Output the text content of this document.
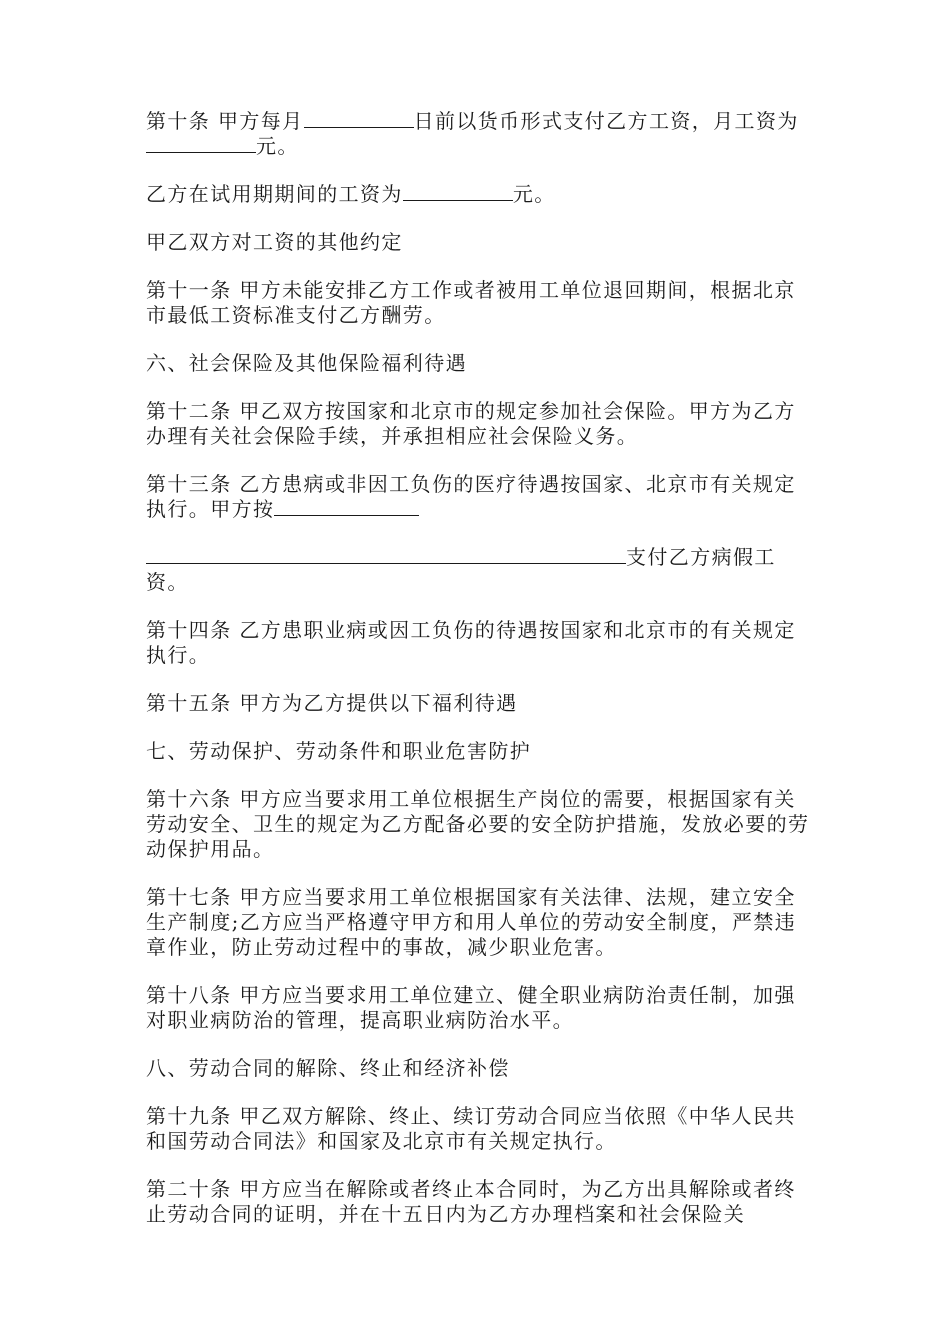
第十条 甲方每月	日前以货币形式支付乙方工资，月工资为元。

乙方在试用期期间的工资为	元。

甲乙双方对工资的其他约定

第十一条 甲方未能安排乙方工作或者被用工单位退回期间，根据北京市最低工资标准支付乙方酬劳。

六、社会保险及其他保险福利待遇

第十二条 甲乙双方按国家和北京市的规定参加社会保险。甲方为乙方办理有关社会保险手续，并承担相应社会保险义务。

第十三条 乙方患病或非因工负伤的医疗待遇按国家、北京市有关规定执行。甲方按

支付乙方病假工资。

第十四条 乙方患职业病或因工负伤的待遇按国家和北京市的有关规定执行。

第十五条 甲方为乙方提供以下福利待遇

七、劳动保护、劳动条件和职业危害防护

第十六条 甲方应当要求用工单位根据生产岗位的需要，根据国家有关劳动安全、卫生的规定为乙方配备必要的安全防护措施，发放必要的劳动保护用品。

第十七条 甲方应当要求用工单位根据国家有关法律、法规，建立安全生产制度;乙方应当严格遵守甲方和用人单位的劳动安全制度，严禁违章作业，防止劳动过程中的事故，减少职业危害。

第十八条 甲方应当要求用工单位建立、健全职业病防治责任制，加强对职业病防治的管理，提高职业病防治水平。

八、劳动合同的解除、终止和经济补偿

第十九条 甲乙双方解除、终止、续订劳动合同应当依照《中华人民共和国劳动合同法》和国家及北京市有关规定执行。

第二十条 甲方应当在解除或者终止本合同时，为乙方出具解除或者终止劳动合同的证明，并在十五日内为乙方办理档案和社会保险关
